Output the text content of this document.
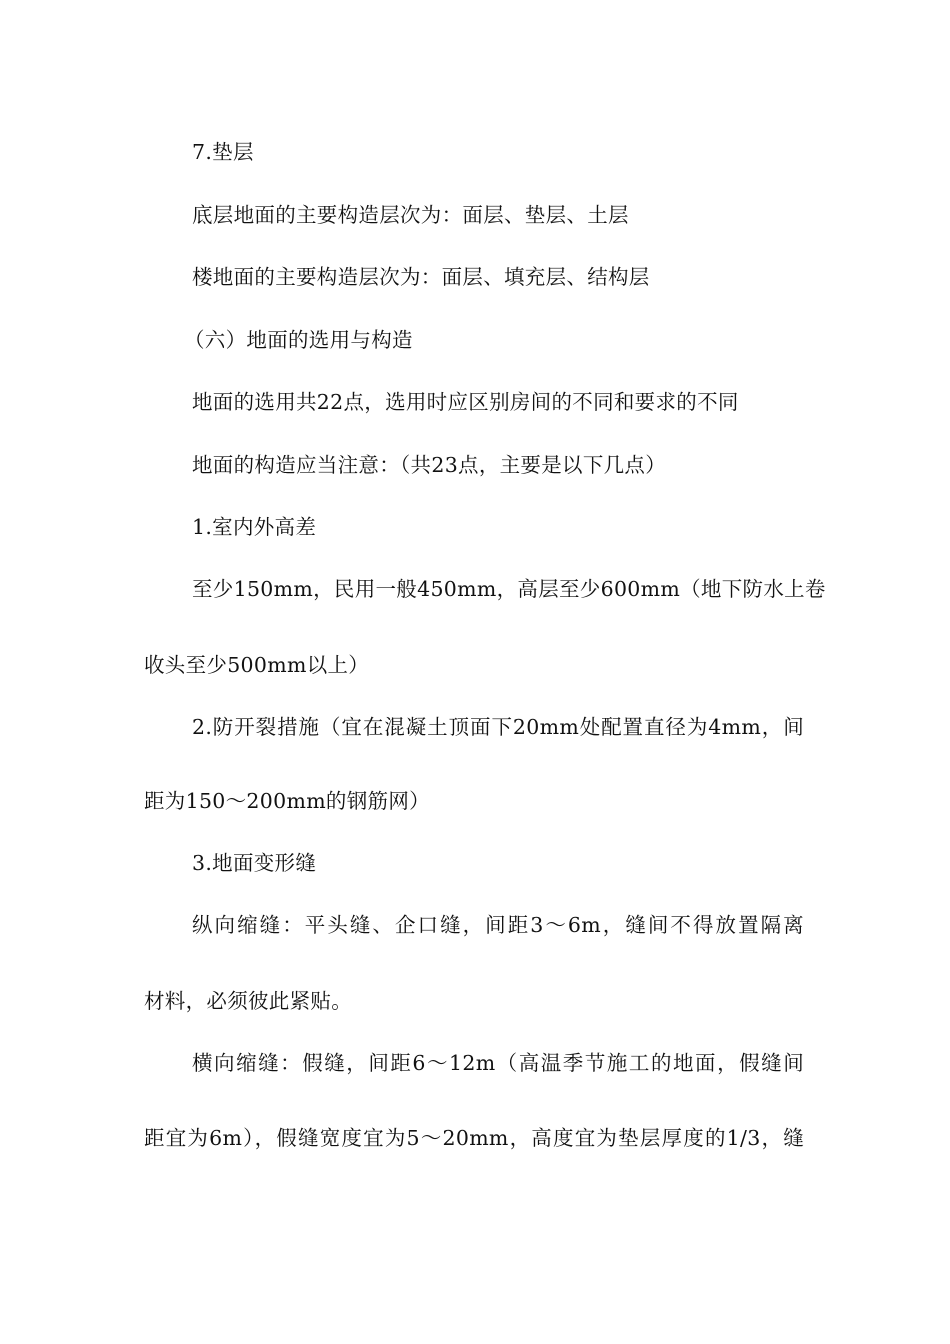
7.垫层
底层地面的主要构造层次为：面层、垫层、土层
楼地面的主要构造层次为：面层、填充层、结构层
（六）地面的选用与构造
地面的选用共22点，选用时应区别房间的不同和要求的不同
地面的构造应当注意：（共23点，主要是以下几点）
1.室内外高差
至少150mm，民用一般450mm，高层至少600mm（地下防水上卷
收头至少500mm以上）
2.防开裂措施（宜在混凝土顶面下20mm处配置直径为4mm，间
距为150～200mm的钢筋网）
3.地面变形缝
纵向缩缝：平头缝、企口缝，间距3～6m，缝间不得放置隔离
材料，必须彼此紧贴。
横向缩缝：假缝，间距6～12m（高温季节施工的地面，假缝间
距宜为6m），假缝宽度宜为5～20mm，高度宜为垫层厚度的1/3，缝
